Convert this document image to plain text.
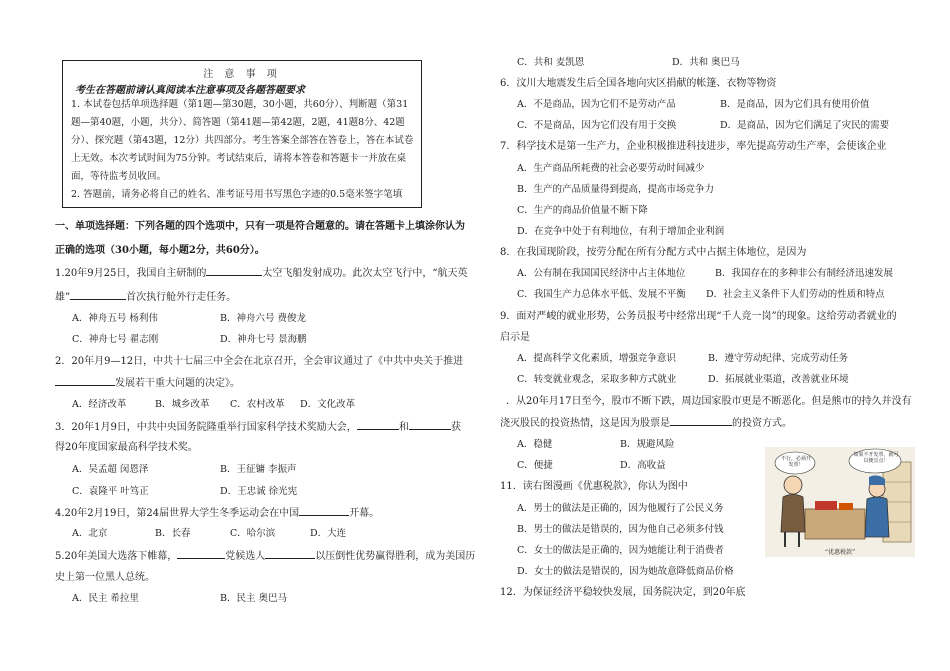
注 意 事 项
考生在答题前请认真阅读本注意事项及各题答题要求
1. 本试卷包括单项选择题（第1题—第30题，30小题，共60分）、判断题（第31
题—第40题，小题，共分）、简答题（第41题—第42题，2题，41题8分、42题
分）、探究题（第43题，12分）共四部分。考生答案全部答在答卷上，答在本试卷
上无效。本次考试时间为75分钟。考试结束后，请将本答卷和答题卡一并放在桌
面，等待监考员收回。
2. 答题前，请务必将自己的姓名、准考证号用书写黑色字迹的0.5毫米签字笔填
一、单项选择题：下列各题的四个选项中，只有一项是符合题意的。请在答题卡上填涂你认为
正确的选项（30小题，每小题2分，共60分）。
1.20年9月25日，我国自主研制的	太空飞船发射成功。此次太空飞行中，“航天英
雄”	首次执行舱外行走任务。
A．神舟五号 杨利伟	B．神舟六号 费俊龙
C．神舟七号 翟志刚	D．神舟七号 景海鹏
2．20年月9—12日，中共十七届三中全会在北京召开，全会审议通过了《中共中央关于推进
发展若干重大问题的决定》。
A．经济改革	B．城乡改革 C．农村改革 D．文化改革
3．20年1月9日，中共中央国务院隆重举行国家科学技术奖励大会，	和	获
得20年度国家最高科学技术奖。
A．吴孟超 闵恩泽	B．王征镛 李振声
C．袁隆平 叶笃正	D．王忠诚 徐光宪
4.20年2月19日，第24届世界大学生冬季运动会在中国	开幕。
A．北京	B．长春	C．哈尔滨	D．大连
5.20年美国大选落下帷幕，	党候选人	以压倒性优势赢得胜利，成为美国历
史上第一位黑人总统。
A．民主 希拉里	B．民主 奥巴马
C．共和 麦凯恩	D．共和 奥巴马
6．汶川大地震发生后全国各地向灾区捐献的帐篷、衣物等物资
A．不是商品，因为它们不是劳动产品	B．是商品，因为它们具有使用价值
C．不是商品，因为它们没有用于交换	D．是商品，因为它们满足了灾民的需要
7．科学技术是第一生产力，企业积极推进科技进步，率先提高劳动生产率，会使该企业
A．生产商品所耗费的社会必要劳动时间减少
B．生产的产品质量得到提高，提高市场竞争力
C．生产的商品价值量不断下降
D．在竞争中处于有利地位，有利于增加企业利润
8．在我国现阶段，按劳分配在所有分配方式中占据主体地位，是因为
A．公有制在我国国民经济中占主体地位	B．我国存在的多种非公有制经济迅速发展
C．我国生产力总体水平低、发展不平衡 D．社会主义条件下人们劳动的性质和特点
9．面对严峻的就业形势，公务员报考中经常出现“千人竞一岗”的现象。这给劳动者就业的
启示是
A．提高科学文化素质，增强竞争意识	B．遵守劳动纪律、完成劳动任务
C．转变就业观念，采取多种方式就业	D．拓展就业渠道，改善就业环境
．从20年月17日至今，股市不断下跌，周边国家股市更是不断恶化。但是熊市的持久并没有
浇灭股民的投资热情，这是因为股票是	的投资方式。
A．稳健	B．规避风险
C．便捷	D．高收益
11．读右图漫画《优惠税款》，你认为图中
A．男士的做法是正确的，因为他履行了公民义务
B．男士的做法是错误的，因为他自己必须多付钱
C．女士的做法是正确的，因为她能让利于消费者
D．女士的做法是错误的，因为她故意降低商品价格
12．为保证经济平稳较快发展，国务院决定，到20年底
不行，必须开发票！
如果不开发票，就可以便宜点！
“优惠税款”
